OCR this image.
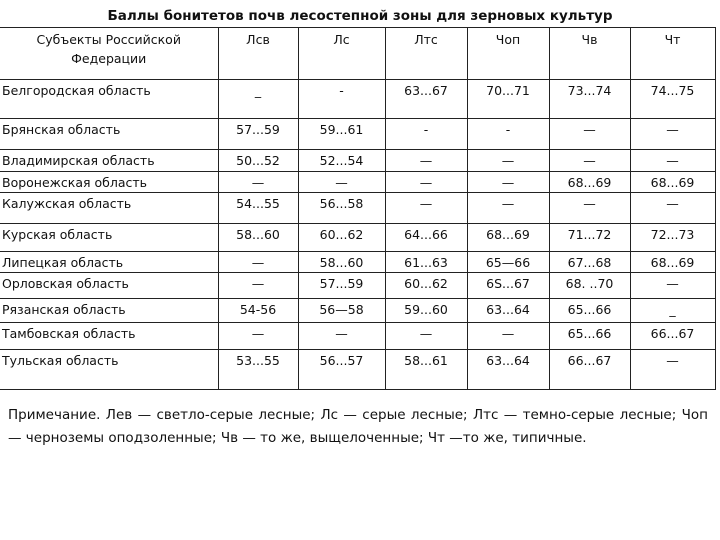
Баллы бонитетов почв лесостепной зоны для зерновых культур
Субъекты Российской Федерации	Лсв	Лс	Лтс	Чоп	Чв	Чт
Белгородская область	_	-	63...67	70...71	73...74	74...75
Брянская область	57...59	59...61	-	-	—	—
Владимирская область	50...52	52...54	—	—	—	—
Воронежская область	—	—	—	—	68...69	68...69
Калужская область	54...55	56...58	—	—	—	—
Курская область	58...60	60...62	64...66	68...69	71...72	72...73
Липецкая область	—	58...60	61...63	65—66	67...68	68...69
Орловская область	—	57...59	60...62	6S...67	68. ..70	—
Рязанская область	54-56	56—58	59...60	63...64	65...66	_
Тамбовская область	—	—	—	—	65...66	66...67
Тульская область	53...55	56...57	58...61	63...64	66...67	—
Примечание. Лев — светло-серые лесные; Лс — серые лесные; Лтс — темно-серые лесные; Чоп — черноземы оподзоленные; Чв — то же, выщелоченные; Чт —то же, типичные.
